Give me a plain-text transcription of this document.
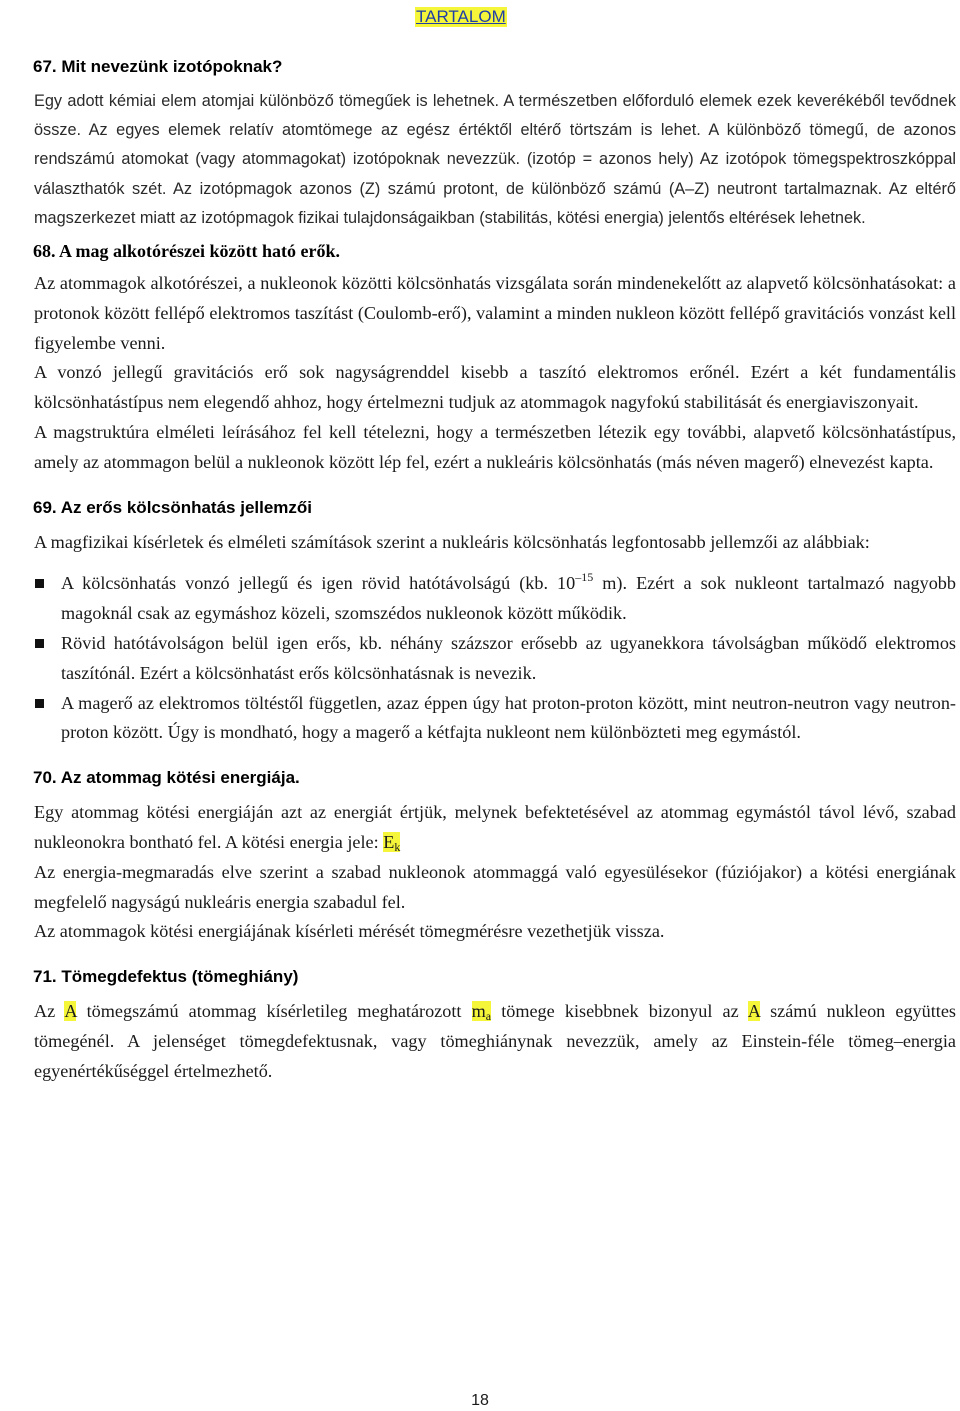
TARTALOM
67. Mit nevezünk izotópoknak?

Egy adott kémiai elem atomjai különböző tömegűek is lehetnek. A természetben előforduló elemek ezek keverékéből tevődnek össze. Az egyes elemek relatív atomtömege az egész értéktől eltérő törtszám is lehet. A különböző tömegű, de azonos rendszámú atomokat (vagy atommagokat) izotópoknak nevezzük. (izotóp = azonos hely) Az izotópok tömegspektroszkóppal választhatók szét. Az izotópmagok azonos (Z) számú protont, de különböző számú (A–Z) neutront tartalmaznak. Az eltérő magszerkezet miatt az izotópmagok fizikai tulajdonságaikban (stabilitás, kötési energia) jelentős eltérések lehetnek.

68. A mag alkotórészei között ható erők.

Az atommagok alkotórészei, a nukleonok közötti kölcsönhatás vizsgálata során mindenekelőtt az alapvető kölcsönhatásokat: a protonok között fellépő elektromos taszítást (Coulomb-erő), valamint a minden nukleon között fellépő gravitációs vonzást kell figyelembe venni.

A vonzó jellegű gravitációs erő sok nagyságrenddel kisebb a taszító elektromos erőnél. Ezért a két fundamentális kölcsönhatástípus nem elegendő ahhoz, hogy értelmezni tudjuk az atommagok nagyfokú stabilitását és energiaviszonyait.

A magstruktúra elméleti leírásához fel kell tételezni, hogy a természetben létezik egy további, alapvető kölcsönhatástípus, amely az atommagon belül a nukleonok között lép fel, ezért a nukleáris kölcsönhatás (más néven magerő) elnevezést kapta.

69. Az erős kölcsönhatás jellemzői

A magfizikai kísérletek és elméleti számítások szerint a nukleáris kölcsönhatás legfontosabb jellemzői az alábbiak:

A kölcsönhatás vonzó jellegű és igen rövid hatótávolságú (kb. $10^{-15}$ m). Ezért a sok nukleont tartalmazó nagyobb magoknál csak az egymáshoz közeli, szomszédos nukleonok között működik.
Rövid hatótávolságon belül igen erős, kb. néhány százszor erősebb az ugyanekkora távolságban működő elektromos taszítónál. Ezért a kölcsönhatást erős kölcsönhatásnak is nevezik.
A magerő az elektromos töltéstől független, azaz éppen úgy hat proton-proton között, mint neutron-neutron vagy neutron-proton között. Úgy is mondható, hogy a magerő a kétfajta nukleont nem különbözteti meg egymástól.
70. Az atommag kötési energiája.

Egy atommag kötési energiáján azt az energiát értjük, melynek befektetésével az atommag egymástól távol lévő, szabad nukleonokra bontható fel. A kötési energia jele: $E_k$

Az energia-megmaradás elve szerint a szabad nukleonok atommaggá való egyesülésekor (fúziójakor) a kötési energiának megfelelő nagyságú nukleáris energia szabadul fel.

Az atommagok kötési energiájának kísérleti mérését tömegmérésre vezethetjük vissza.

71. Tömegdefektus (tömeghiány)

Az A tömegszámú atommag kísérletileg meghatározott $m_a$ tömege kisebbnek bizonyul az A számú nukleon együttes tömegénél. A jelenséget tömegdefektusnak, vagy tömeghiánynak nevezzük, amely az Einstein-féle tömeg–energia egyenértékűséggel értelmezhető.

18
